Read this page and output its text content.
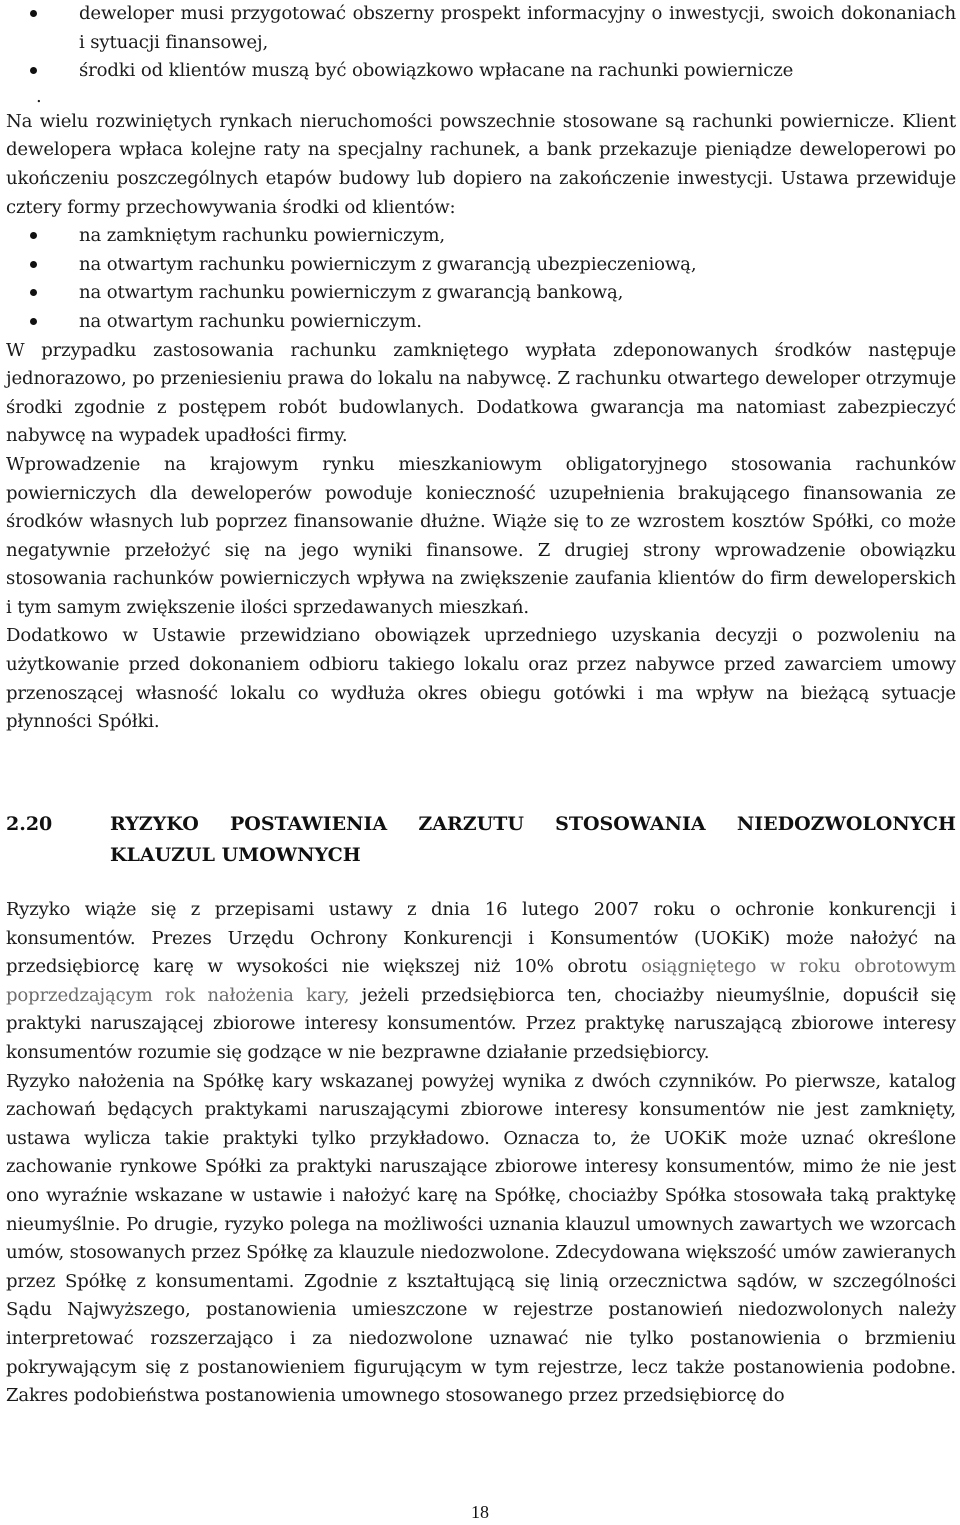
deweloper musi przygotować obszerny prospekt informacyjny o inwestycji, swoich dokonaniach i sytuacji finansowej,
środki od klientów muszą być obowiązkowo wpłacane na rachunki powiernicze

.

Na wielu rozwiniętych rynkach nieruchomości powszechnie stosowane są rachunki powiernicze. Klient dewelopera wpłaca kolejne raty na specjalny rachunek, a bank przekazuje pieniądze deweloperowi po ukończeniu poszczególnych etapów budowy lub dopiero na zakończenie inwestycji. Ustawa przewiduje cztery formy przechowywania środki od klientów:

na zamkniętym rachunku powierniczym,
na otwartym rachunku powierniczym z gwarancją ubezpieczeniową,
na otwartym rachunku powierniczym z gwarancją bankową,
na otwartym rachunku powierniczym.

W przypadku zastosowania rachunku zamkniętego wypłata zdeponowanych środków następuje jednorazowo, po przeniesieniu prawa do lokalu na nabywcę. Z rachunku otwartego deweloper otrzymuje środki zgodnie z postępem robót budowlanych. Dodatkowa gwarancja ma natomiast zabezpieczyć nabywcę na wypadek upadłości firmy.

Wprowadzenie na krajowym rynku mieszkaniowym obligatoryjnego stosowania rachunków powierniczych dla deweloperów powoduje konieczność uzupełnienia brakującego finansowania ze środków własnych lub poprzez finansowanie dłużne. Wiąże się to ze wzrostem kosztów Spółki, co może negatywnie przełożyć się na jego wyniki finansowe. Z drugiej strony wprowadzenie obowiązku stosowania rachunków powierniczych wpływa na zwiększenie zaufania klientów do firm deweloperskich i tym samym zwiększenie ilości sprzedawanych mieszkań.

Dodatkowo w Ustawie przewidziano obowiązek uprzedniego uzyskania decyzji o pozwoleniu na użytkowanie przed dokonaniem odbioru takiego lokalu oraz przez nabywce przed zawarciem umowy przenoszącej własność lokalu co wydłuża okres obiegu gotówki i ma wpływ na bieżącą sytuacje płynności Spółki.

2.20	RYZYKO POSTAWIENIA ZARZUTU STOSOWANIA NIEDOZWOLONYCH KLAUZUL UMOWNYCH

Ryzyko wiąże się z przepisami ustawy z dnia 16 lutego 2007 roku o ochronie konkurencji i konsumentów. Prezes Urzędu Ochrony Konkurencji i Konsumentów (UOKiK) może nałożyć na przedsiębiorcę karę w wysokości nie większej niż 10% obrotu osiągniętego w roku obrotowym poprzedzającym rok nałożenia kary, jeżeli przedsiębiorca ten, chociażby nieumyślnie, dopuścił się praktyki naruszającej zbiorowe interesy konsumentów. Przez praktykę naruszającą zbiorowe interesy konsumentów rozumie się godzące w nie bezprawne działanie przedsiębiorcy.

Ryzyko nałożenia na Spółkę kary wskazanej powyżej wynika z dwóch czynników. Po pierwsze, katalog zachowań będących praktykami naruszającymi zbiorowe interesy konsumentów nie jest zamknięty, ustawa wylicza takie praktyki tylko przykładowo. Oznacza to, że UOKiK może uznać określone zachowanie rynkowe Spółki za praktyki naruszające zbiorowe interesy konsumentów, mimo że nie jest ono wyraźnie wskazane w ustawie i nałożyć karę na Spółkę, chociażby Spółka stosowała taką praktykę nieumyślnie. Po drugie, ryzyko polega na możliwości uznania klauzul umownych zawartych we wzorcach umów, stosowanych przez Spółkę za klauzule niedozwolone. Zdecydowana większość umów zawieranych przez Spółkę z konsumentami. Zgodnie z kształtującą się linią orzecznictwa sądów, w szczególności Sądu Najwyższego, postanowienia umieszczone w rejestrze postanowień niedozwolonych należy interpretować rozszerzająco i za niedozwolone uznawać nie tylko postanowienia o brzmieniu pokrywającym się z postanowieniem figurującym w tym rejestrze, lecz także postanowienia podobne. Zakres podobieństwa postanowienia umownego stosowanego przez przedsiębiorcę do

18
